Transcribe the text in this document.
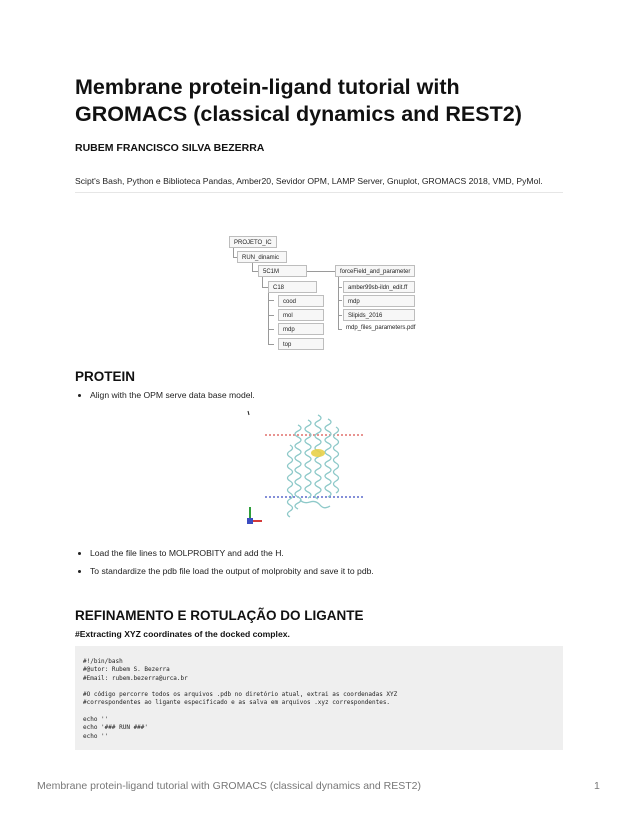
Membrane protein-ligand tutorial with GROMACS (classical dynamics and REST2)

RUBEM FRANCISCO SILVA BEZERRA

Scipt's Bash, Python e Biblioteca Pandas, Amber20, Sevidor OPM, LAMP Server, Gnuplot, GROMACS 2018, VMD, PyMol.

PROJETO_IC
RUN_dinamic
5C1M
C18
cood
mol
mdp
top
forceField_and_parameter
amber99sb-ildn_edit.ff
mdp
Slipids_2016
mdp_files_parameters.pdf
PROTEIN
• Align with the OPM serve data base model.
• Load the file lines to MOLPROBITY and add the H.
• To standardize the pdb file load the output of molprobity and save it to pdb.
REFINAMENTO E ROTULAÇÃO DO LIGANTE

#Extracting XYZ coordinates of the docked complex.

#!/bin/bash
#@utor: Rubem S. Bezerra
#Email: rubem.bezerra@urca.br
#O código percorre todos os arquivos .pdb no diretório atual, extrai as coordenadas XYZ
#correspondentes ao ligante especificado e as salva em arquivos .xyz correspondentes.
echo ''
echo '### RUN ###'
echo ''

Membrane protein-ligand tutorial with GROMACS (classical dynamics and REST2)	1
